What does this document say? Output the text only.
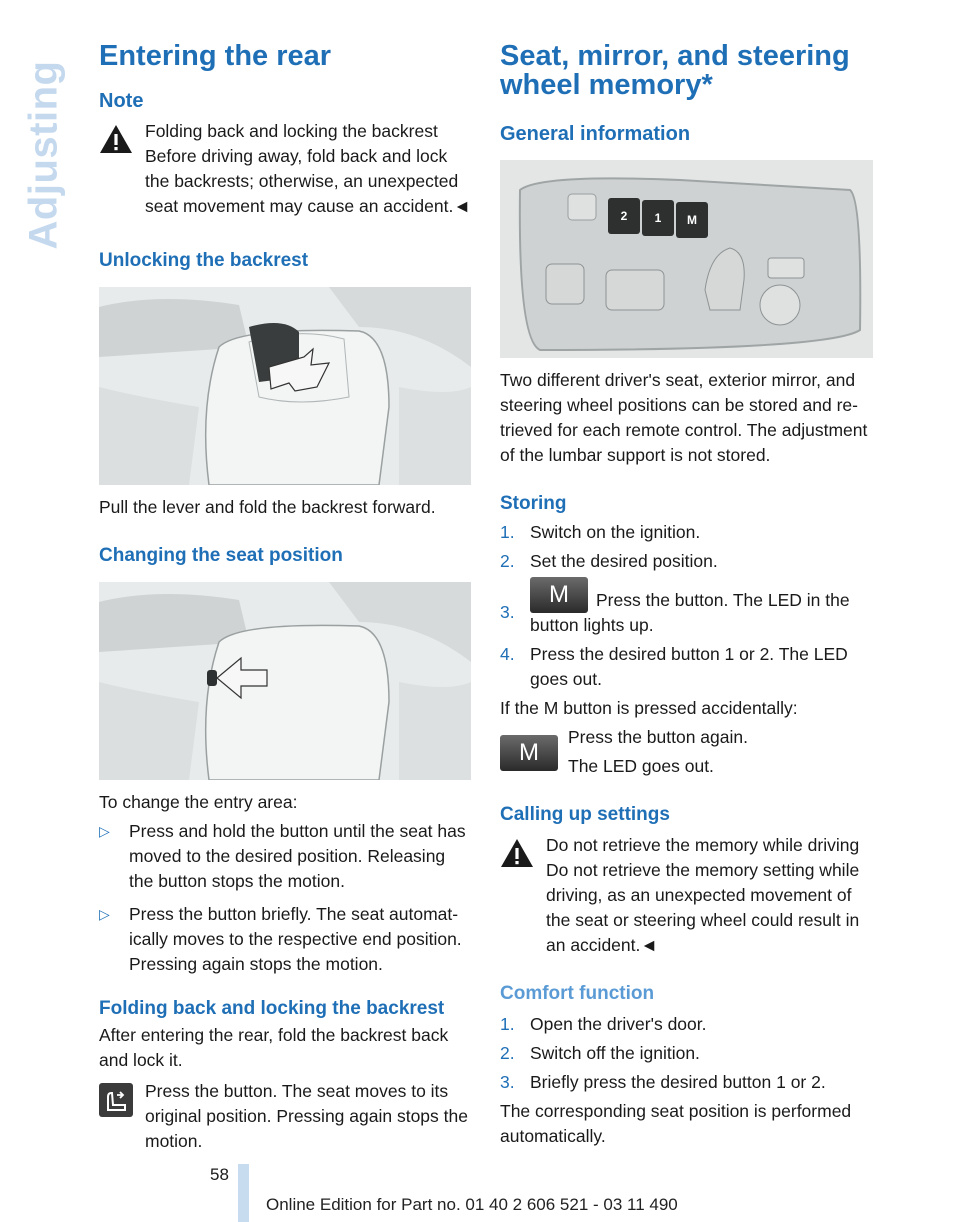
Adjusting
Entering the rear
Note
Folding back and locking the backrest
Before driving away, fold back and lock the backrests; otherwise, an unexpected seat movement may cause an accident.◄
Unlocking the backrest

Pull the lever and fold the backrest forward.

Changing the seat position

To change the entry area:

▷ Press and hold the button until the seat has moved to the desired position. Releasing the button stops the motion.
▷ Press the button briefly. The seat automatically moves to the respective end position. Pressing again stops the motion.
Folding back and locking the backrest

After entering the rear, fold the backrest back and lock it.

Press the button. The seat moves to its original position. Pressing again stops the motion.

Seat, mirror, and steering wheel memory*
General information
2 1 M

Two different driver's seat, exterior mirror, and steering wheel positions can be stored and retrieved for each remote control. The adjustment of the lumbar support is not stored.

Storing
1. Switch on the ignition.
2. Set the desired position.
3.
M Press the button. The LED in the button lights up.
4. Press the desired button 1 or 2. The LED goes out.

If the M button is pressed accidentally:

M

Press the button again.

The LED goes out.

Calling up settings
Do not retrieve the memory while driving
Do not retrieve the memory setting while driving, as an unexpected movement of the seat or steering wheel could result in an accident.◄
Comfort function
1. Open the driver's door.
2. Switch off the ignition.
3. Briefly press the desired button 1 or 2.

The corresponding seat position is performed automatically.

58
Online Edition for Part no. 01 40 2 606 521 - 03 11 490
